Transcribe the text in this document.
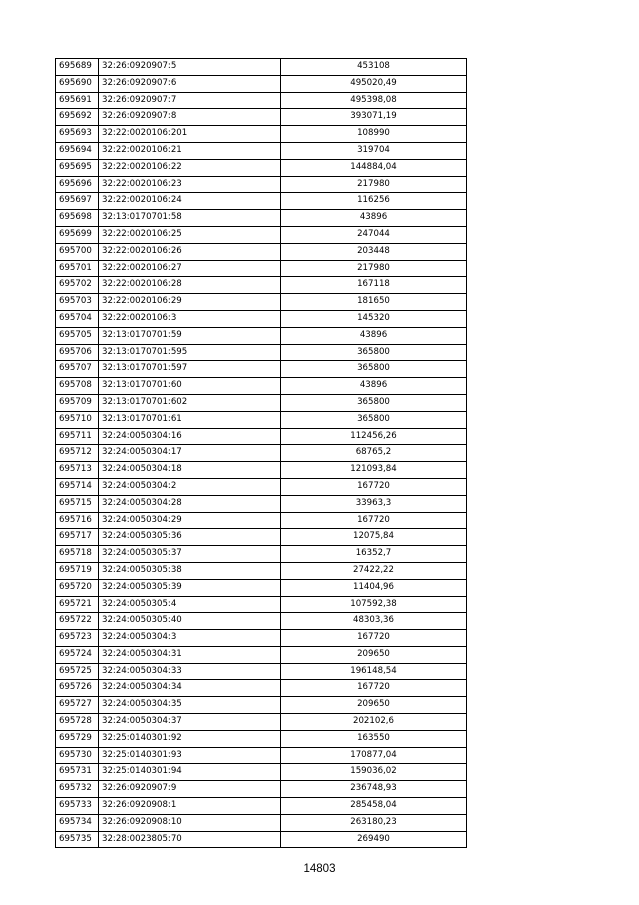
695689	32:26:0920907:5	453108
695690	32:26:0920907:6	495020,49
695691	32:26:0920907:7	495398,08
695692	32:26:0920907:8	393071,19
695693	32:22:0020106:201	108990
695694	32:22:0020106:21	319704
695695	32:22:0020106:22	144884,04
695696	32:22:0020106:23	217980
695697	32:22:0020106:24	116256
695698	32:13:0170701:58	43896
695699	32:22:0020106:25	247044
695700	32:22:0020106:26	203448
695701	32:22:0020106:27	217980
695702	32:22:0020106:28	167118
695703	32:22:0020106:29	181650
695704	32:22:0020106:3	145320
695705	32:13:0170701:59	43896
695706	32:13:0170701:595	365800
695707	32:13:0170701:597	365800
695708	32:13:0170701:60	43896
695709	32:13:0170701:602	365800
695710	32:13:0170701:61	365800
695711	32:24:0050304:16	112456,26
695712	32:24:0050304:17	68765,2
695713	32:24:0050304:18	121093,84
695714	32:24:0050304:2	167720
695715	32:24:0050304:28	33963,3
695716	32:24:0050304:29	167720
695717	32:24:0050305:36	12075,84
695718	32:24:0050305:37	16352,7
695719	32:24:0050305:38	27422,22
695720	32:24:0050305:39	11404,96
695721	32:24:0050305:4	107592,38
695722	32:24:0050305:40	48303,36
695723	32:24:0050304:3	167720
695724	32:24:0050304:31	209650
695725	32:24:0050304:33	196148,54
695726	32:24:0050304:34	167720
695727	32:24:0050304:35	209650
695728	32:24:0050304:37	202102,6
695729	32:25:0140301:92	163550
695730	32:25:0140301:93	170877,04
695731	32:25:0140301:94	159036,02
695732	32:26:0920907:9	236748,93
695733	32:26:0920908:1	285458,04
695734	32:26:0920908:10	263180,23
695735	32:28:0023805:70	269490
14803
